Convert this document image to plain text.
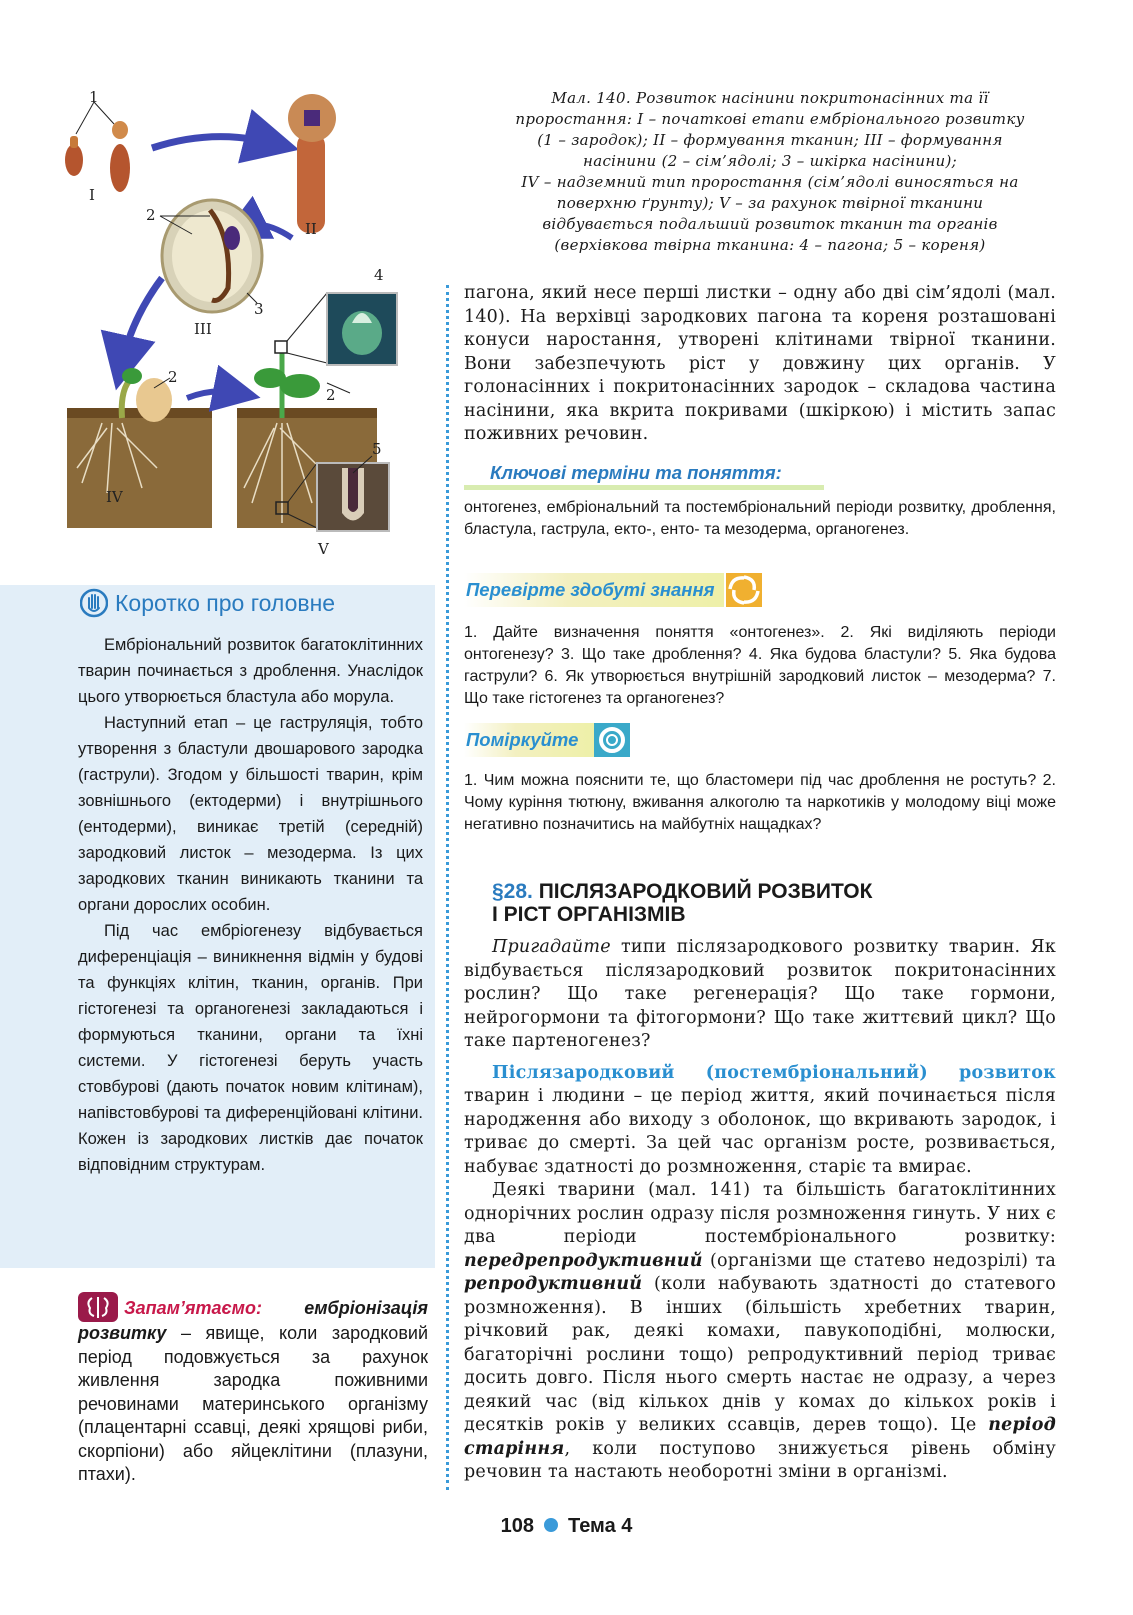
1
I
II
2
3
III
4
2
2
5
IV
V

Мал. 140. Розвиток насінини покритонасінних та її

проростання: І – початкові етапи ембріонального розвитку

(1 – зародок); ІІ – формування тканин; ІІІ – формування

насінини (2 – сім’ядолі; 3 – шкірка насінини);

IV – надземний тип проростання (сім’ядолі виносяться на

поверхню ґрунту); V – за рахунок твірної тканини

відбувається подальший розвиток тканин та органів

(верхівкова твірна тканина: 4 – пагона; 5 – кореня)

Коротко про головне

Ембріональний розвиток багатоклітинних тварин починається з дроблення. Унаслідок цього утворюється бластула або морула.

Наступний етап – це гаструляція, тобто утворення з бластули двошарового зародка (гаструли). Згодом у більшості тварин, крім зовнішнього (ектодерми) і внутрішнього (ентодерми), виникає третій (середній) зародковий листок – мезодерма. Із цих зародкових тканин виникають тканини та органи дорослих особин.

Під час ембріогенезу відбувається диференціація – виникнення відмін у будові та функціях клітин, тканин, органів. При гістогенезі та органогенезі закладаються і формуються тканини, органи та їхні системи. У гістогенезі беруть участь стовбурові (дають початок новим клітинам), напівстовбурові та диференційовані клітини. Кожен із зародкових листків дає початок відповідним структурам.

Запам’ятаємо: ембріонізація розвитку – явище, коли зародковий період подовжується за рахунок живлення зародка поживними речовинами материнського організму (плацентарні ссавці, деякі хрящові риби, скорпіони) або яйцеклітини (плазуни, птахи).

пагона, який несе перші листки – одну або дві сім’ядолі (мал. 140). На верхівці зародкових пагона та кореня розташовані конуси наростання, утворені клітинами твірної тканини. Вони забезпечують ріст у довжину цих органів. У голонасінних і покритонасінних зародок – складова частина насінини, яка вкрита покривами (шкіркою) і містить запас поживних речовин.

Ключові терміни та поняття:
онтогенез, ембріональний та постембріональний періоди розвитку, дроблення, бластула, гаструла, екто-, енто- та мезодерма, органогенез.
Перевірте здобуті знання
1. Дайте визначення поняття «онтогенез». 2. Які виділяють періоди онтогенезу? 3. Що таке дроблення? 4. Яка будова бластули? 5. Яка будова гаструли? 6. Як утворюється внутрішній зародковий листок – мезодерма? 7. Що таке гістогенез та органогенез?
Поміркуйте
1. Чим можна пояснити те, що бластомери під час дроблення не ростуть? 2. Чому куріння тютюну, вживання алкоголю та наркотиків у молодому віці може негативно позначитись на майбутніх нащадках?
§28. ПІСЛЯЗАРОДКОВИЙ РОЗВИТОК
І РІСТ ОРГАНІЗМІВ

Пригадайте типи післязародкового розвитку тварин. Як відбувається післязародковий розвиток покритонасінних рослин? Що таке регенерація? Що таке гормони, нейрогормони та фітогормони? Що таке життєвий цикл? Що таке партеногенез?

Післязародковий (постембріональний) розвиток тварин і людини – це період життя, який починається після народження або виходу з оболонок, що вкривають зародок, і триває до смерті. За цей час організм росте, розвивається, набуває здатності до розмноження, старіє та вмирає.

Деякі тварини (мал. 141) та більшість багатоклітинних однорічних рослин одразу після розмноження гинуть. У них є два періоди постембріонального розвитку: передрепродуктивний (організми ще статево недозрілі) та репродуктивний (коли набувають здатності до статевого розмноження). В інших (більшість хребетних тварин, річковий рак, деякі комахи, павукоподібні, молюски, багаторічні рослини тощо) репродуктивний період триває досить довго. Після нього смерть настає не одразу, а через деякий час (від кількох днів у комах до кількох років і десятків років у великих ссавців, дерев тощо). Це період старіння, коли поступово знижується рівень обміну речовин та настають необоротні зміни в організмі.

108 Тема 4
